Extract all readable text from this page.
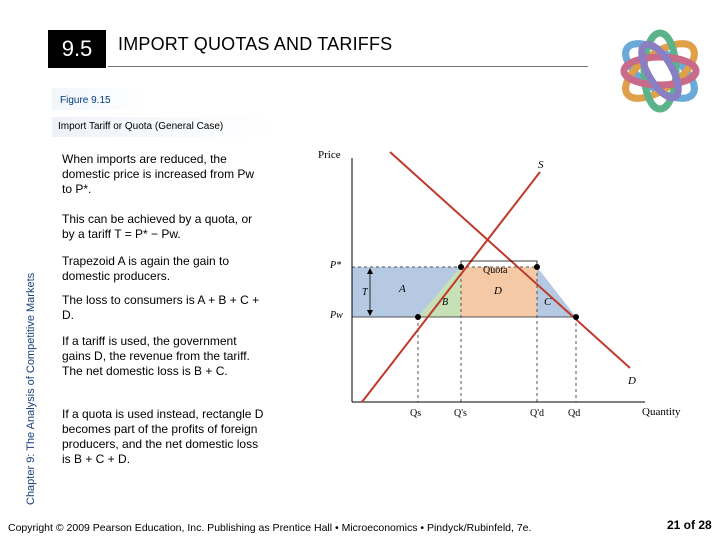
9.5	IMPORT QUOTAS AND TARIFFS
Figure 9.15
Import Tariff or Quota (General Case)
Chapter 9: The Analysis of Competitive Markets

When imports are reduced, the domestic price is increased from Pw to P*.

This can be achieved by a quota, or by a tariff T = P* − Pw.

Trapezoid A is again the gain to domestic producers.

The loss to consumers is A + B + C + D.

If a tariff is used, the government gains D, the revenue from the tariff. The net domestic loss is B + C.

If a quota is used instead, rectangle D becomes part of the profits of foreign producers, and the net domestic loss is B + C + D.

Price
Quantity
P*
Pw
S
D
T
Quota
A
B	C
D
Qs	Q's	Q'd Qd
Copyright © 2009 Pearson Education, Inc. Publishing as Prentice Hall • Microeconomics • Pindyck/Rubinfeld, 7e.	21 of 28
